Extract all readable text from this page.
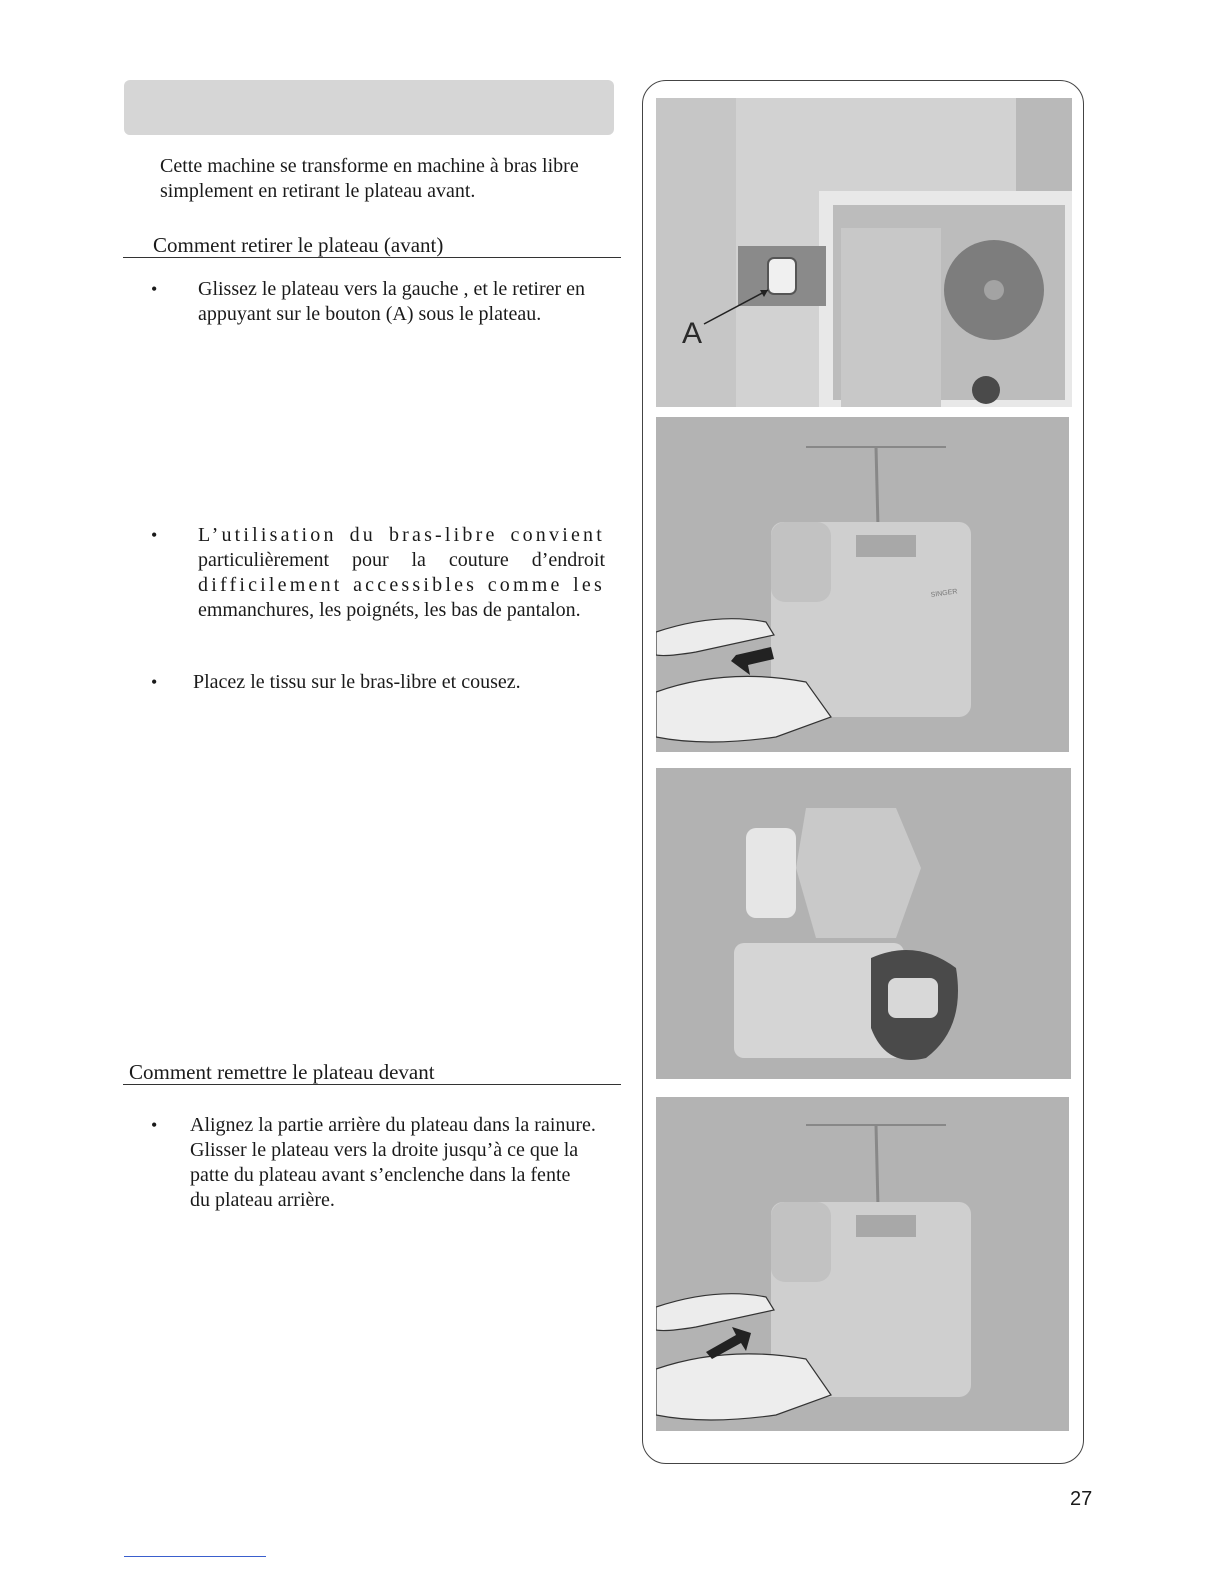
Cette machine se transforme en machine à bras libre
simplement en retirant le plateau avant.
Comment retirer le plateau (avant)
• Glissez le plateau vers la gauche , et le retirer en
appuyant sur le bouton (A) sous le plateau.
• L’utilisation du bras-libre convient
particulièrement pour la couture d’endroit
difficilement accessibles comme les
emmanchures, les poignéts, les bas de pantalon.
• Placez le tissu sur le bras-libre et cousez.
Comment remettre le plateau devant
• Alignez la partie arrière du plateau dans la rainure.
Glisser le plateau vers la droite jusqu’à ce que la
patte du plateau avant s’enclenche dans la fente
du plateau arrière.
A
SINGER
27
